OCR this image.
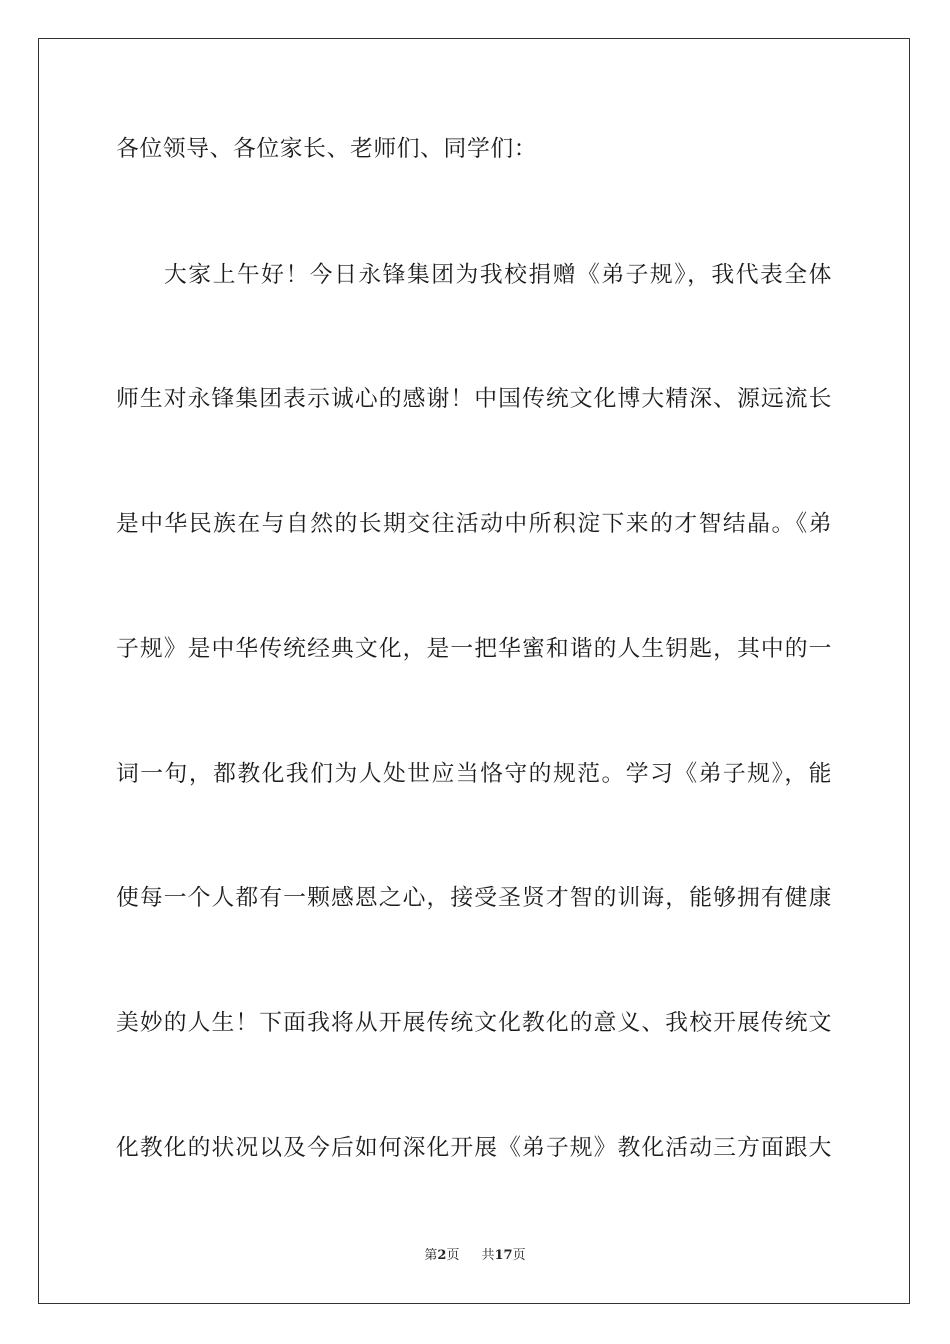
各位领导、各位家长、老师们、同学们：
大家上午好！今日永锋集团为我校捐赠《弟子规》，我代表全体
师生对永锋集团表示诚心的感谢！中国传统文化博大精深、源远流长
是中华民族在与自然的长期交往活动中所积淀下来的才智结晶。《弟
子规》是中华传统经典文化，是一把华蜜和谐的人生钥匙，其中的一
词一句，都教化我们为人处世应当恪守的规范。学习《弟子规》，能
使每一个人都有一颗感恩之心，接受圣贤才智的训诲，能够拥有健康
美妙的人生！下面我将从开展传统文化教化的意义、我校开展传统文
化教化的状况以及今后如何深化开展《弟子规》教化活动三方面跟大
第2页 共17页
